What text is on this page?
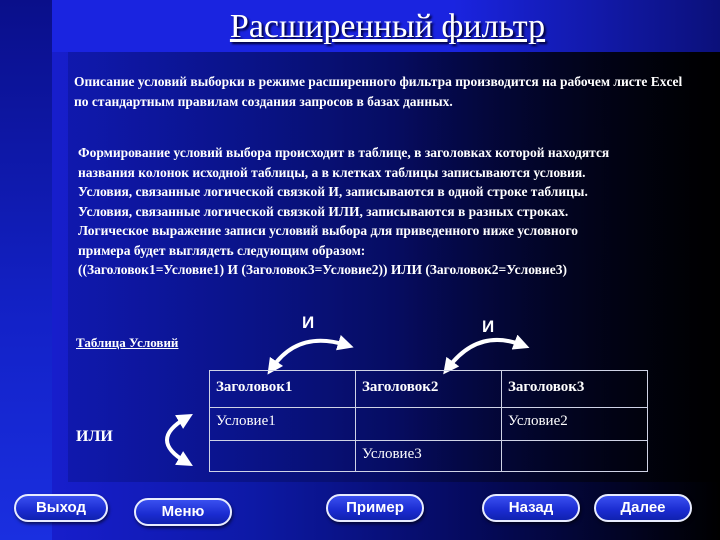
Расширенный фильтр
Описание условий выборки в режиме расширенного фильтра производится на рабочем листе Excel по стандартным правилам создания запросов в базах данных.
Формирование условий выбора происходит в таблице, в заголовках которой находятся
названия колонок исходной таблицы, а в клетках таблицы записываются условия.
Условия, связанные логической связкой И, записываются в одной строке таблицы.
Условия, связанные логической связкой ИЛИ, записываются в разных строках.
Логическое выражение записи условий выбора для приведенного ниже условного
примера будет выглядеть следующим образом:
((Заголовок1=Условие1) И (Заголовок3=Условие2)) ИЛИ (Заголовок2=Условие3)
Таблица Условий
И	И
ИЛИ
Заголовок1	Заголовок2	Заголовок3
Условие1		Условие2
	Условие3	
Выход	Меню	Пример	Назад	Далее
